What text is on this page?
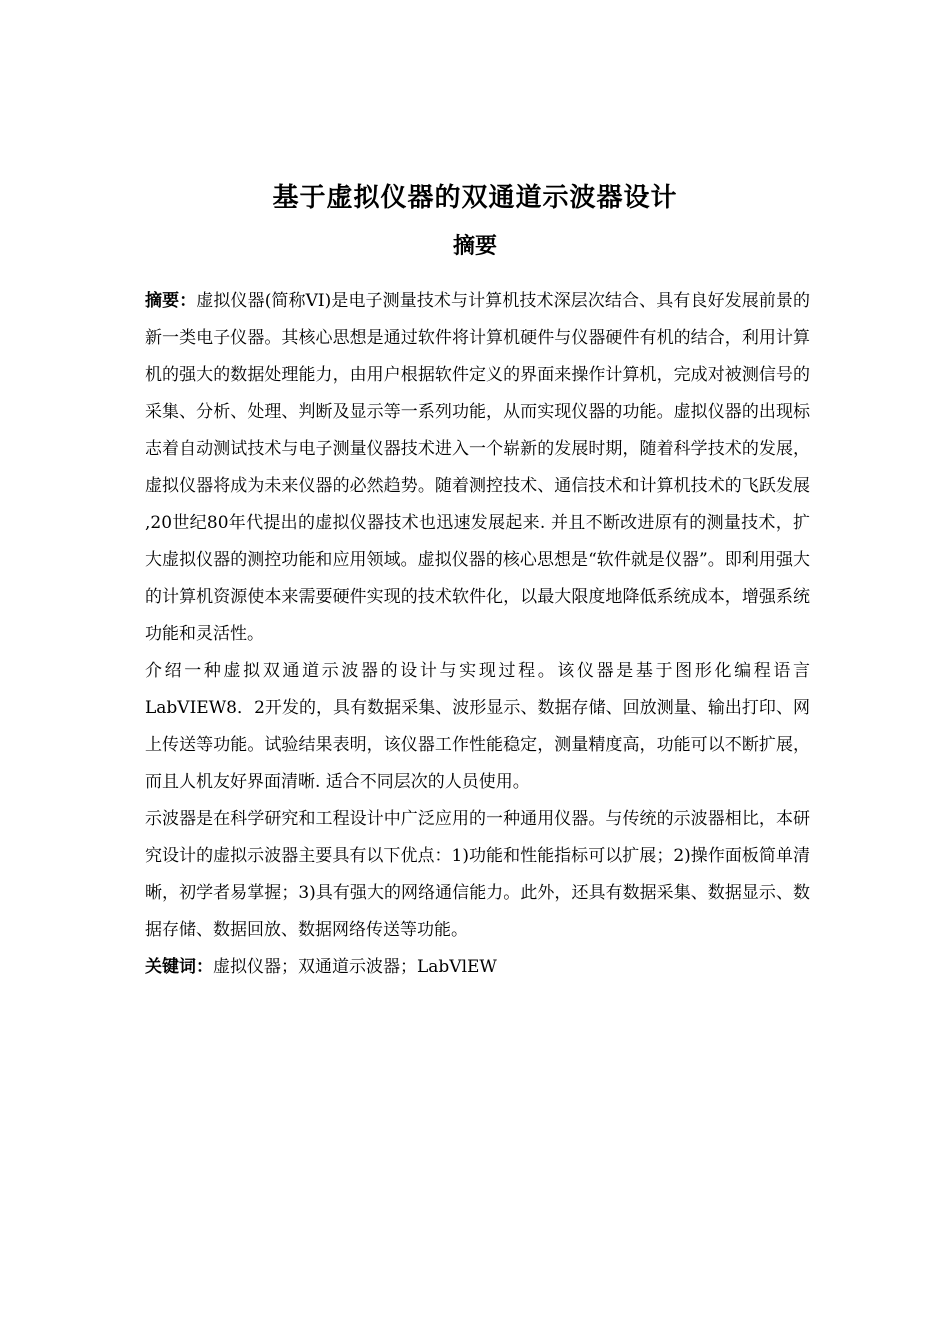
基于虚拟仪器的双通道示波器设计
摘要

摘要：虚拟仪器(简称VI)是电子测量技术与计算机技术深层次结合、具有良好发展前景的新一类电子仪器。其核心思想是通过软件将计算机硬件与仪器硬件有机的结合，利用计算机的强大的数据处理能力，由用户根据软件定义的界面来操作计算机，完成对被测信号的采集、分析、处理、判断及显示等一系列功能，从而实现仪器的功能。虚拟仪器的出现标志着自动测试技术与电子测量仪器技术进入一个崭新的发展时期，随着科学技术的发展，虚拟仪器将成为未来仪器的必然趋势。随着测控技术、通信技术和计算机技术的飞跃发展 ,20世纪80年代提出的虚拟仪器技术也迅速发展起来. 并且不断改进原有的测量技术，扩大虚拟仪器的测控功能和应用领域。虚拟仪器的核心思想是“软件就是仪器”。即利用强大的计算机资源使本来需要硬件实现的技术软件化，以最大限度地降低系统成本，增强系统功能和灵活性。

介绍一种虚拟双通道示波器的设计与实现过程。该仪器是基于图形化编程语言LabVIEW8．2开发的，具有数据采集、波形显示、数据存储、回放测量、输出打印、网上传送等功能。试验结果表明，该仪器工作性能稳定，测量精度高，功能可以不断扩展，而且人机友好界面清晰. 适合不同层次的人员使用。

示波器是在科学研究和工程设计中广泛应用的一种通用仪器。与传统的示波器相比，本研究设计的虚拟示波器主要具有以下优点：1)功能和性能指标可以扩展；2)操作面板简单清晰，初学者易掌握；3)具有强大的网络通信能力。此外，还具有数据采集、数据显示、数据存储、数据回放、数据网络传送等功能。

关键词：虚拟仪器；双通道示波器；LabVlEW
